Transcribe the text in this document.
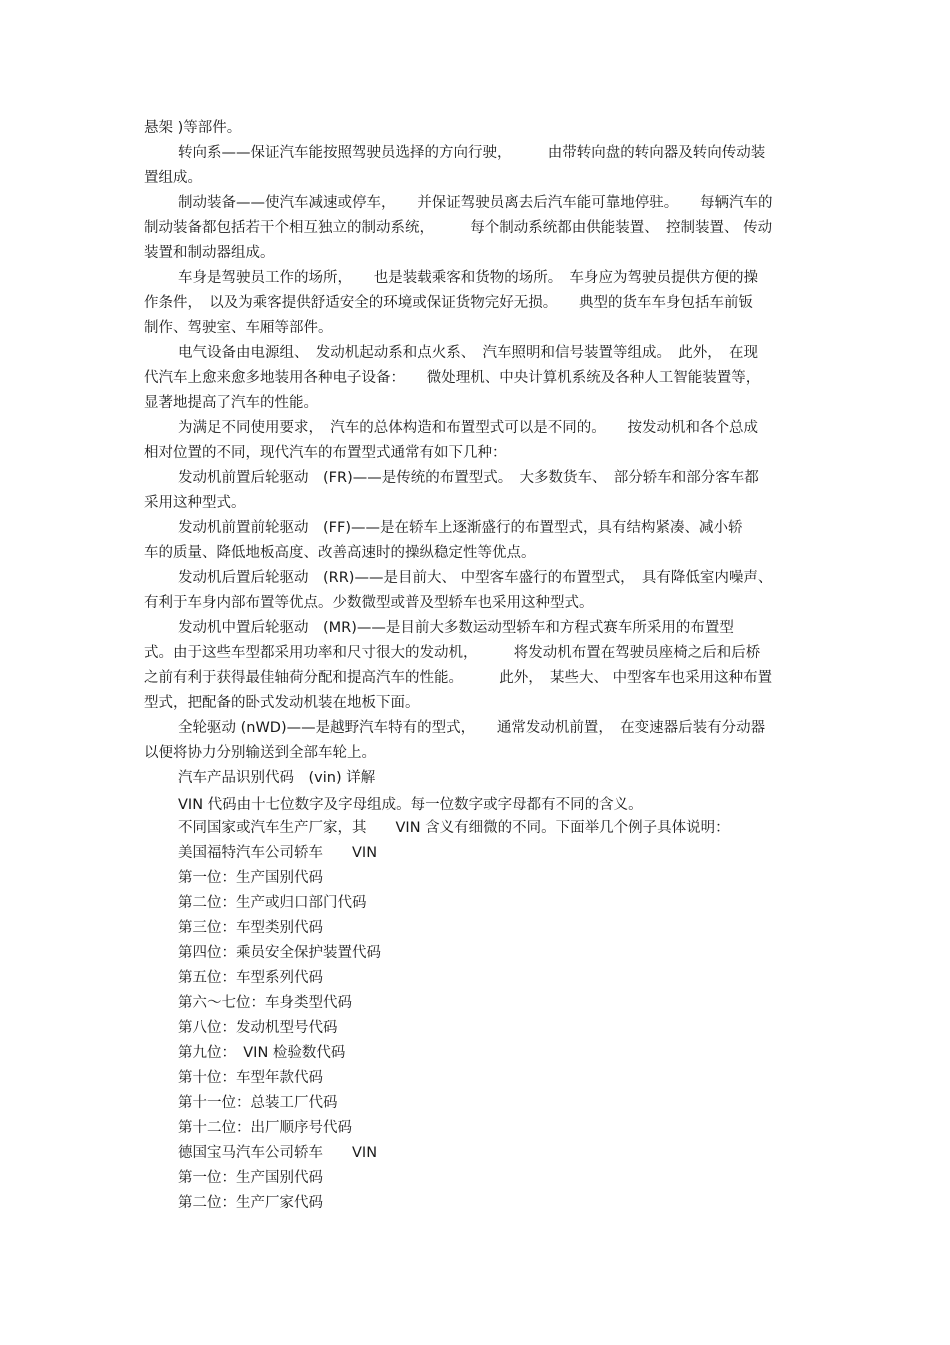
悬架 )等部件。
转向系——保证汽车能按照驾驶员选择的方向行驶，　　　由带转向盘的转向器及转向传动装
置组成。
制动装备——使汽车减速或停车，　　并保证驾驶员离去后汽车能可靠地停驻。　　每辆汽车的
制动装备都包括若干个相互独立的制动系统，　　　每个制动系统都由供能装置、　控制装置、 传动
装置和制动器组成。
车身是驾驶员工作的场所，　　也是装载乘客和货物的场所。　车身应为驾驶员提供方便的操
作条件，　以及为乘客提供舒适安全的环境或保证货物完好无损。　　典型的货车车身包括车前钣
制作、驾驶室、车厢等部件。
电气设备由电源组、　发动机起动系和点火系、　汽车照明和信号装置等组成。　此外，　在现
代汽车上愈来愈多地装用各种电子设备：　　微处理机、中央计算机系统及各种人工智能装置等，
显著地提高了汽车的性能。
为满足不同使用要求，　汽车的总体构造和布置型式可以是不同的。　　按发动机和各个总成
相对位置的不同，现代汽车的布置型式通常有如下几种：
发动机前置后轮驱动　(FR)——是传统的布置型式。　大多数货车、　部分轿车和部分客车都
采用这种型式。
发动机前置前轮驱动　(FF)——是在轿车上逐渐盛行的布置型式，具有结构紧凑、减小轿
车的质量、降低地板高度、改善高速时的操纵稳定性等优点。
发动机后置后轮驱动　(RR)——是目前大、 中型客车盛行的布置型式，　具有降低室内噪声、
有利于车身内部布置等优点。少数微型或普及型轿车也采用这种型式。
发动机中置后轮驱动　(MR)——是目前大多数运动型轿车和方程式赛车所采用的布置型
式。由于这些车型都采用功率和尺寸很大的发动机，　　　将发动机布置在驾驶员座椅之后和后桥
之前有利于获得最佳轴荷分配和提高汽车的性能。　　　此外，　某些大、 中型客车也采用这种布置
型式，把配备的卧式发动机装在地板下面。
全轮驱动 (nWD)——是越野汽车特有的型式，　　通常发动机前置，　在变速器后装有分动器
以便将协力分别输送到全部车轮上。
汽车产品识别代码　(vin) 详解
VIN 代码由十七位数字及字母组成。每一位数字或字母都有不同的含义。
不同国家或汽车生产厂家，其　　VIN 含义有细微的不同。下面举几个例子具体说明：
美国福特汽车公司轿车　　VIN
第一位：生产国别代码
第二位：生产或归口部门代码
第三位：车型类别代码
第四位：乘员安全保护装置代码
第五位：车型系列代码
第六～七位：车身类型代码
第八位：发动机型号代码
第九位：　VIN 检验数代码
第十位：车型年款代码
第十一位：总装工厂代码
第十二位：出厂顺序号代码
德国宝马汽车公司轿车　　VIN
第一位：生产国别代码
第二位：生产厂家代码
